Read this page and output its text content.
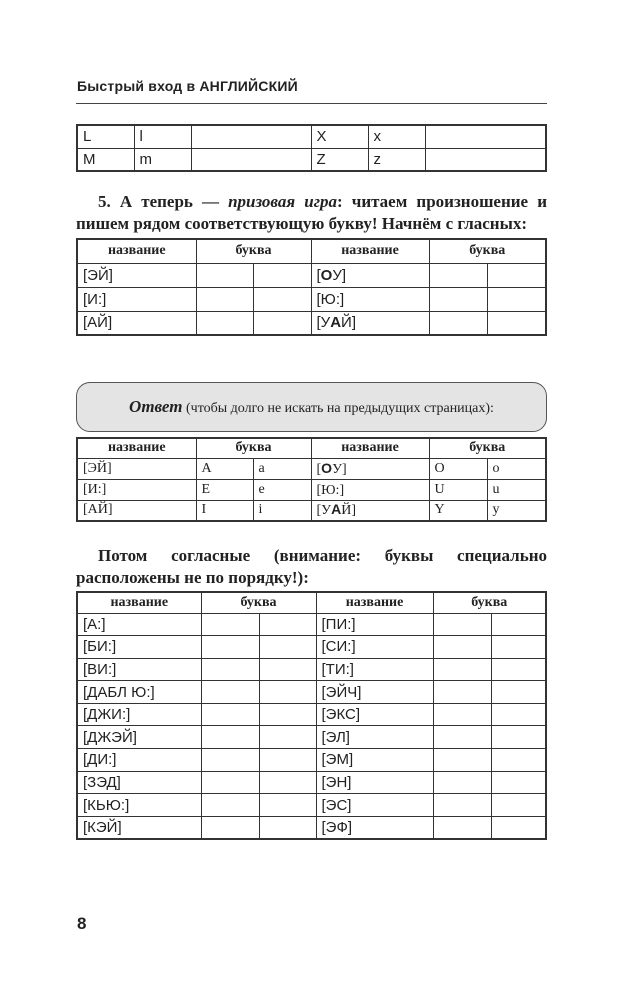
Быстрый вход в АНГЛИЙСКИЙ
L	l		X	x	
M	m		Z	z	

5. А теперь — призовая игра: читаем произношение и пишем рядом соответствующую букву! Начнём с гласных:

название	буква		название	буква	
[ЭЙ]			[ОУ]		
[И:]			[Ю:]		
[АЙ]			[УАЙ]		
Ответ (чтобы долго не искать на предыдущих страницах):
название	буква		название	буква	
[ЭЙ]	A	a	[ОУ]	O	o
[И:]	E	e	[Ю:]	U	u
[АЙ]	I	i	[УАЙ]	Y	y

Потом согласные (внимание: буквы специально расположены не по порядку!):

название	буква		название	буква	
[А:]			[ПИ:]		
[БИ:]			[СИ:]		
[ВИ:]			[ТИ:]		
[ДАБЛ Ю:]			[ЭЙЧ]		
[ДЖИ:]			[ЭКС]		
[ДЖЭЙ]			[ЭЛ]		
[ДИ:]			[ЭМ]		
[ЗЭД]			[ЭН]		
[КЬЮ:]			[ЭС]		
[КЭЙ]			[ЭФ]		
8
